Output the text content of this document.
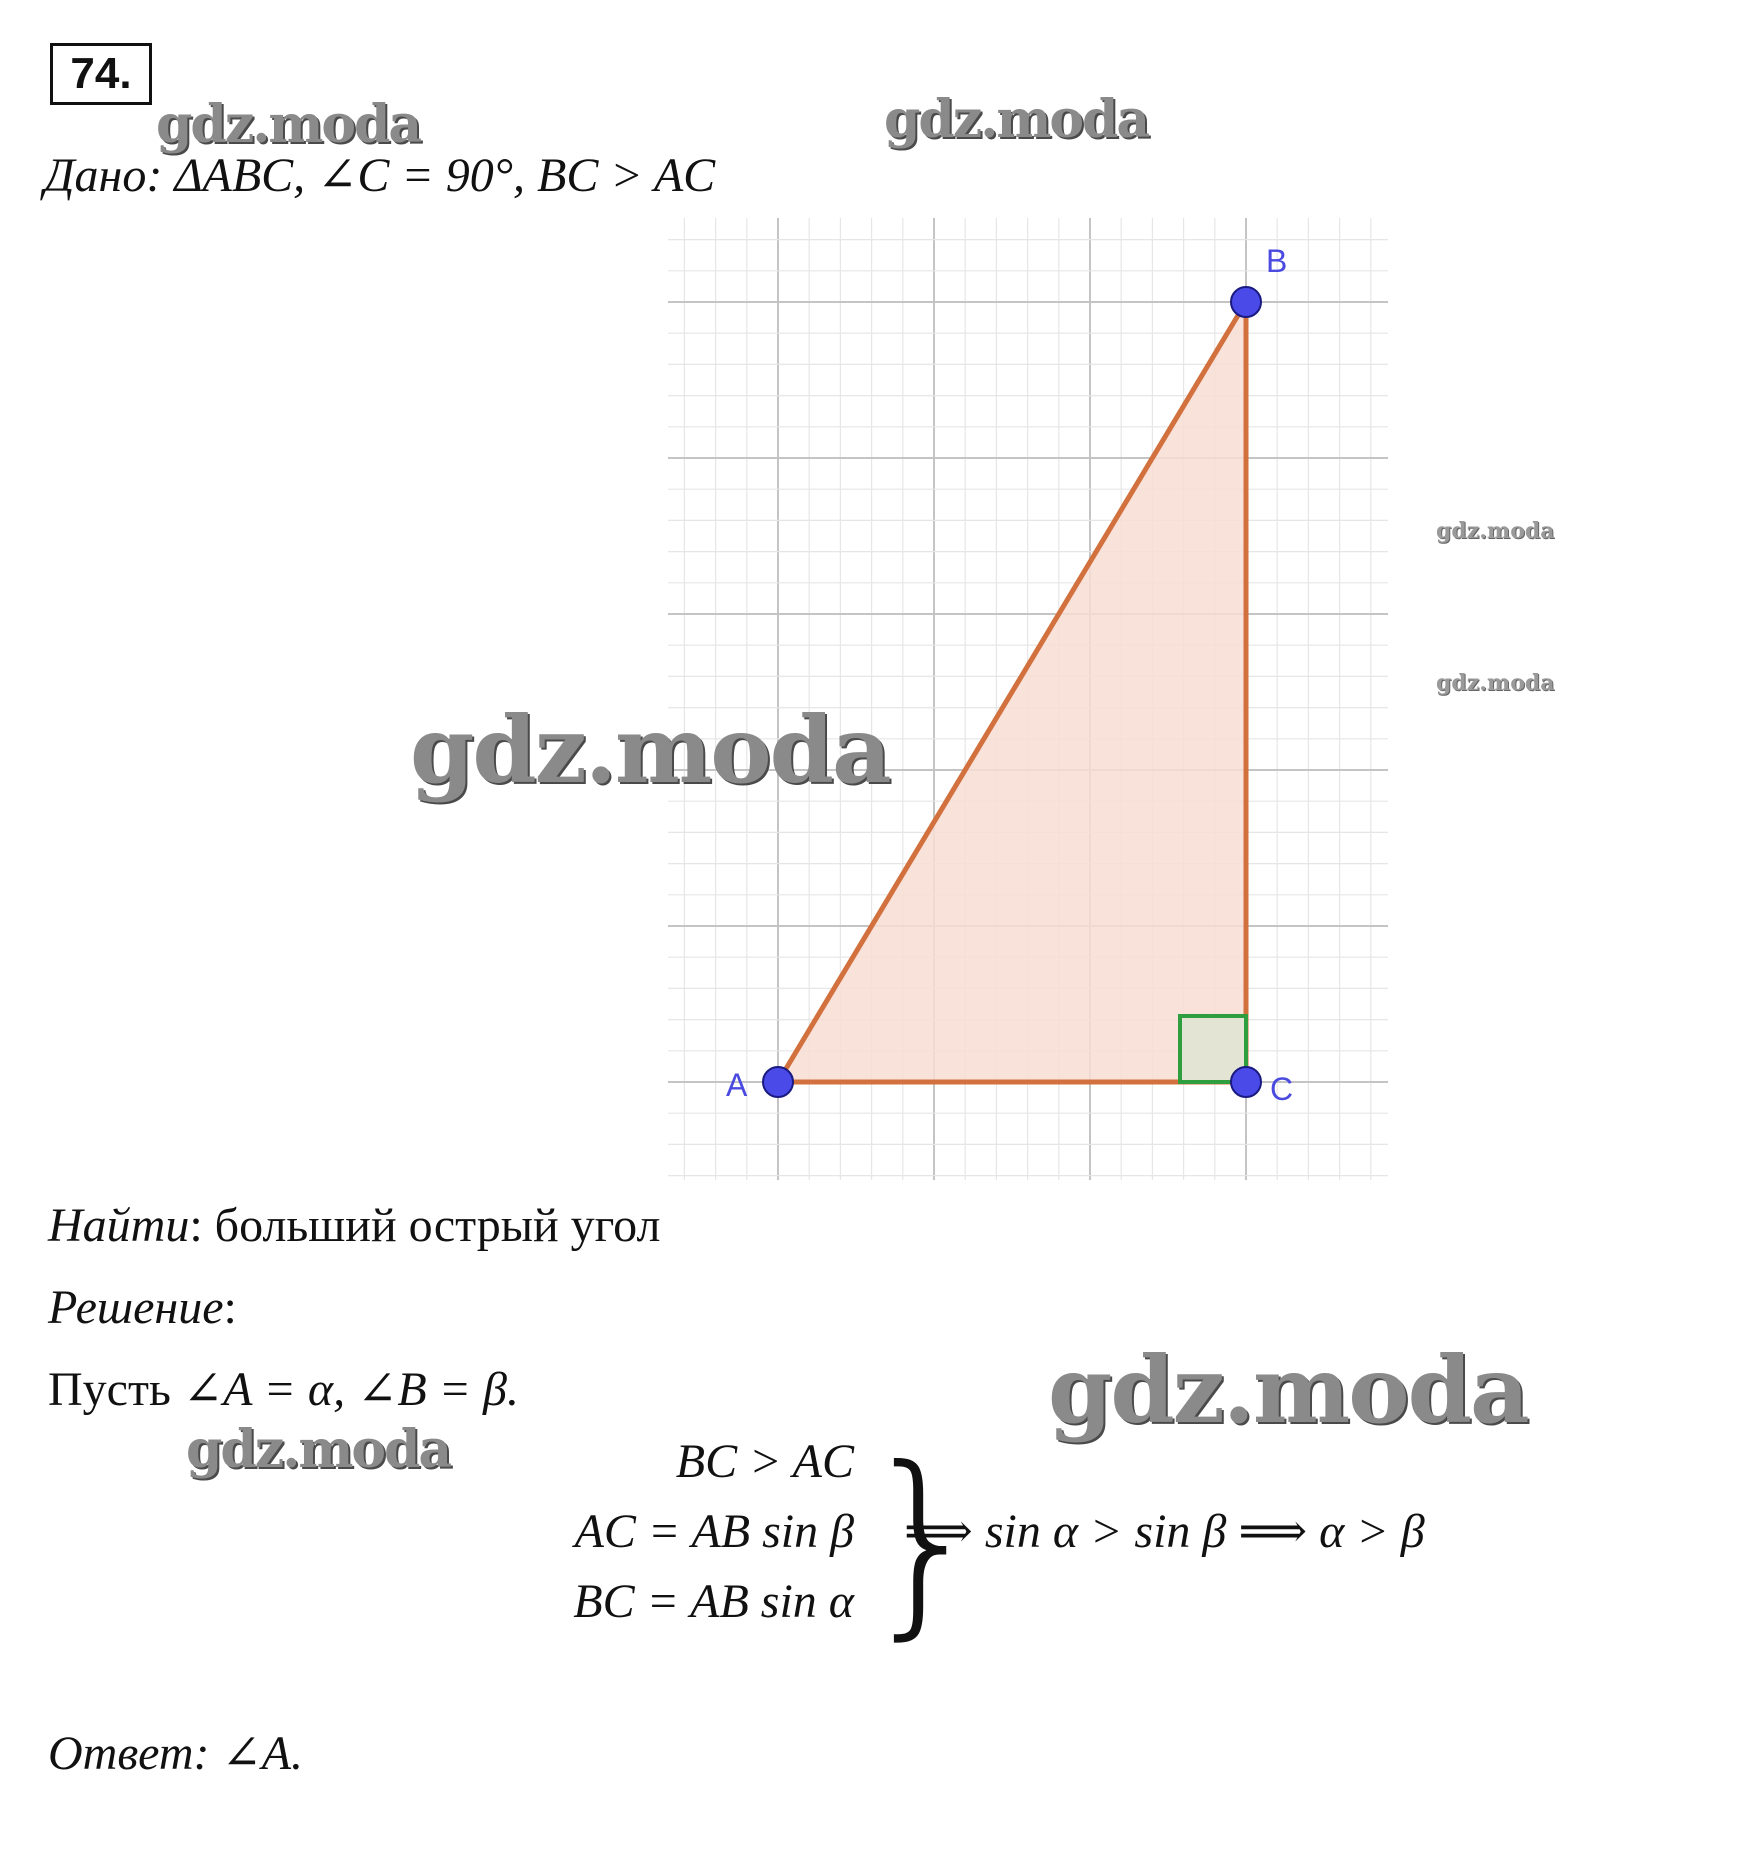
74.
Дано: ΔABC, ∠C = 90°, BC > AC
A
B
C
Найти: больший острый угол
Решение:
Пусть ∠A = α, ∠B = β.
BC > AC
AC = AB sin β
BC = AB sin α }
⟹ sin α > sin β ⟹ α > β
Ответ: ∠A.
gdz.moda	gdz.moda
gdz.moda
gdz.moda
gdz.moda
gdz.moda
gdz.moda
